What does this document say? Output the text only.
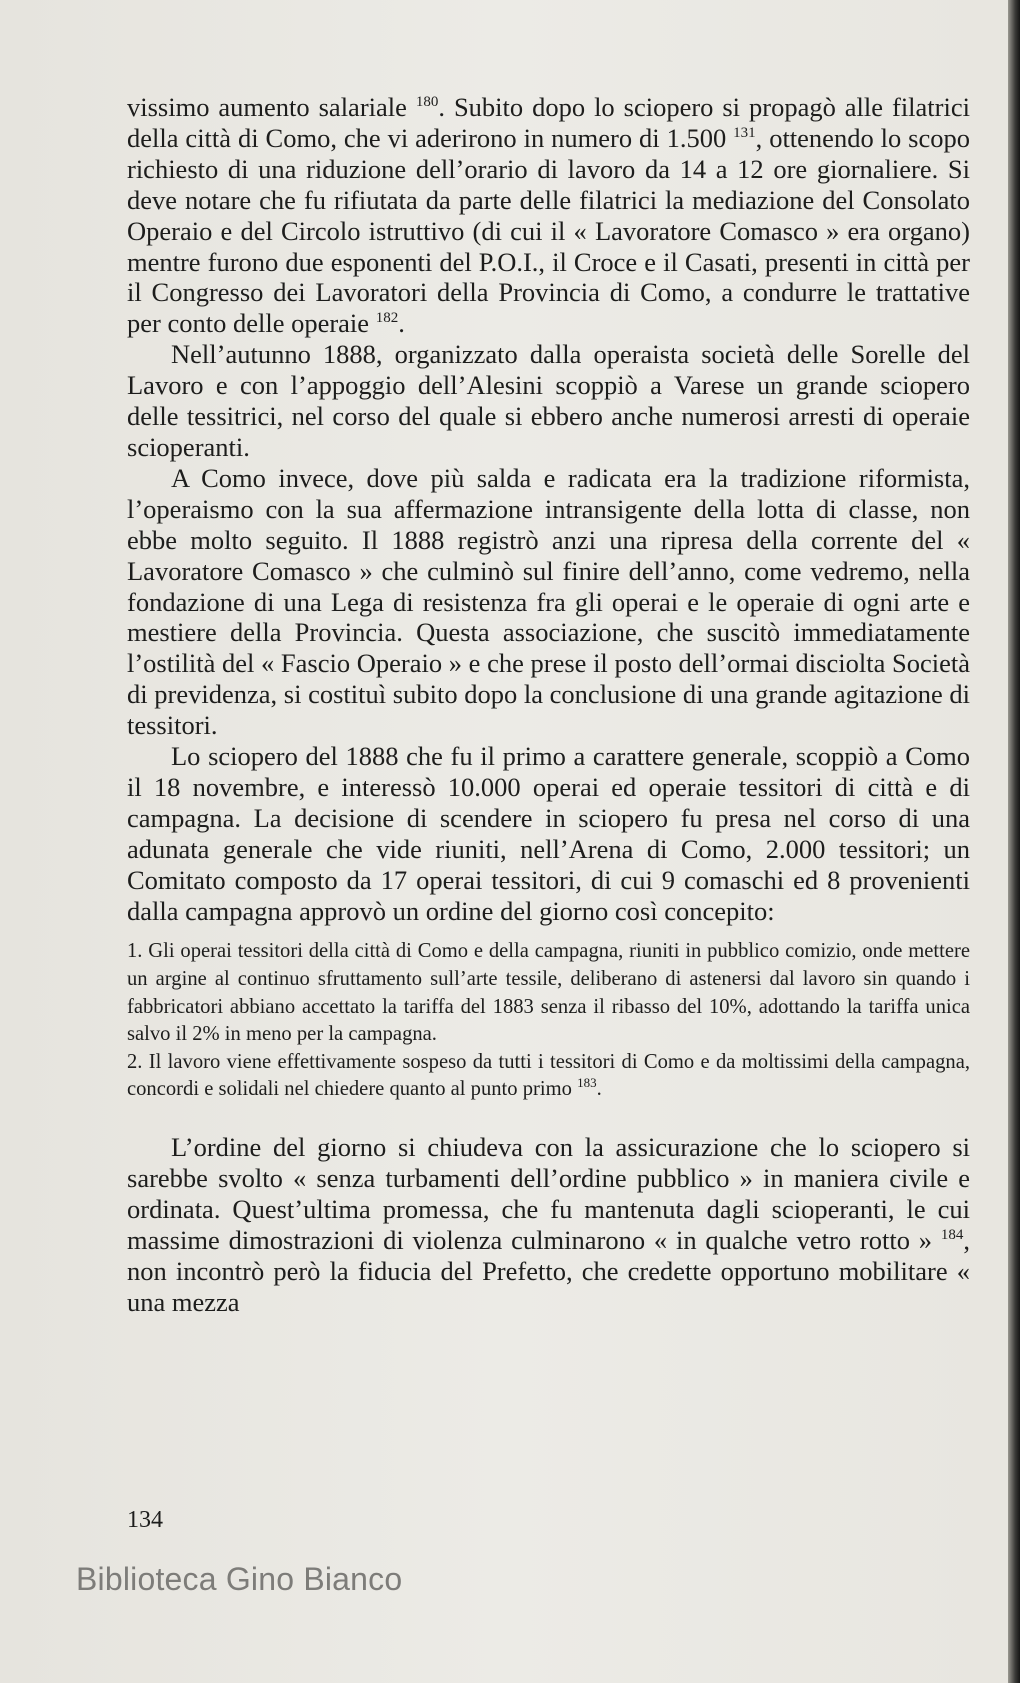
vissimo aumento salariale $^{180}$. Subito dopo lo sciopero si propagò alle filatrici della città di Como, che vi aderirono in numero di 1.500 $^{131}$, ottenendo lo scopo richiesto di una riduzione dell’orario di lavoro da 14 a 12 ore giornaliere. Si deve notare che fu rifiutata da parte delle filatrici la mediazione del Consolato Operaio e del Circolo istruttivo (di cui il « Lavoratore Comasco » era organo) mentre furono due esponenti del P.O.I., il Croce e il Casati, presenti in città per il Congresso dei Lavoratori della Provincia di Como, a condurre le trattative per conto delle operaie $^{182}$.

Nell’autunno 1888, organizzato dalla operaista società delle Sorelle del Lavoro e con l’appoggio dell’Alesini scoppiò a Varese un grande sciopero delle tessitrici, nel corso del quale si ebbero anche numerosi arresti di operaie scioperanti.

A Como invece, dove più salda e radicata era la tradizione riformista, l’operaismo con la sua affermazione intransigente della lotta di classe, non ebbe molto seguito. Il 1888 registrò anzi una ripresa della corrente del « Lavoratore Comasco » che culminò sul finire dell’anno, come vedremo, nella fondazione di una Lega di resistenza fra gli operai e le operaie di ogni arte e mestiere della Provincia. Questa associazione, che suscitò immediatamente l’ostilità del « Fascio Operaio » e che prese il posto dell’ormai disciolta Società di previdenza, si costituì subito dopo la conclusione di una grande agitazione di tessitori.

Lo sciopero del 1888 che fu il primo a carattere generale, scoppiò a Como il 18 novembre, e interessò 10.000 operai ed operaie tessitori di città e di campagna. La decisione di scendere in sciopero fu presa nel corso di una adunata generale che vide riuniti, nell’Arena di Como, 2.000 tessitori; un Comitato composto da 17 operai tessitori, di cui 9 comaschi ed 8 provenienti dalla campagna approvò un ordine del giorno così concepito:

1. Gli operai tessitori della città di Como e della campagna, riuniti in pubblico comizio, onde mettere un argine al continuo sfruttamento sull’arte tessile, deliberano di astenersi dal lavoro sin quando i fabbricatori abbiano accettato la tariffa del 1883 senza il ribasso del 10%, adottando la tariffa unica salvo il 2% in meno per la campagna.

2. Il lavoro viene effettivamente sospeso da tutti i tessitori di Como e da moltissimi della campagna, concordi e solidali nel chiedere quanto al punto primo $^{183}$.

L’ordine del giorno si chiudeva con la assicurazione che lo sciopero si sarebbe svolto « senza turbamenti dell’ordine pubblico » in maniera civile e ordinata. Quest’ultima promessa, che fu mantenuta dagli scioperanti, le cui massime dimostrazioni di violenza culminarono « in qualche vetro rotto » $^{184}$, non incontrò però la fiducia del Prefetto, che credette opportuno mobilitare « una mezza

134
Biblioteca Gino Bianco
